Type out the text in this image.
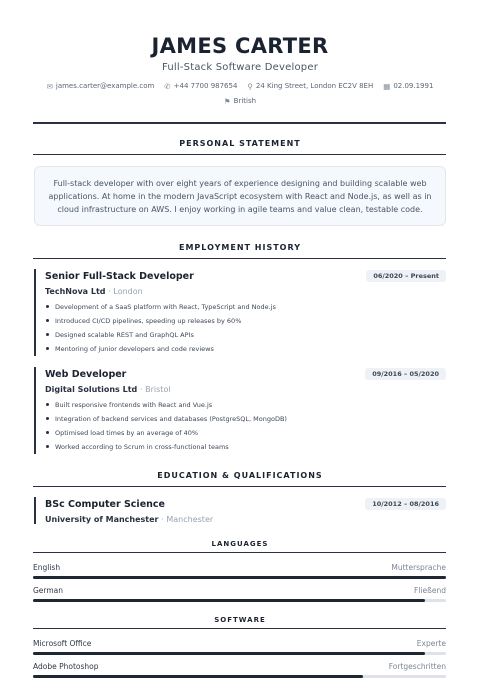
JAMES CARTER
Full-Stack Software Developer
✉ james.carter@example.com ✆ +44 7700 987654 ⚲ 24 King Street, London EC2V 8EH ▦ 02.09.1991
⚑ British
PERSONAL STATEMENT
Full-stack developer with over eight years of experience designing and building scalable web applications. At home in the modern JavaScript ecosystem with React and Node.js, as well as in cloud infrastructure on AWS. I enjoy working in agile teams and value clean, testable code.
EMPLOYMENT HISTORY
Senior Full-Stack Developer	06/2020 – Present
TechNova Ltd · London
Development of a SaaS platform with React, TypeScript and Node.js
Introduced CI/CD pipelines, speeding up releases by 60%
Designed scalable REST and GraphQL APIs
Mentoring of junior developers and code reviews
Web Developer	09/2016 – 05/2020
Digital Solutions Ltd · Bristol
Built responsive frontends with React and Vue.js
Integration of backend services and databases (PostgreSQL, MongoDB)
Optimised load times by an average of 40%
Worked according to Scrum in cross-functional teams
EDUCATION & QUALIFICATIONS
BSc Computer Science	10/2012 – 08/2016
University of Manchester · Manchester
LANGUAGES
English	Muttersprache
German	Fließend
SOFTWARE
Microsoft Office	Experte
Adobe Photoshop	Fortgeschritten
